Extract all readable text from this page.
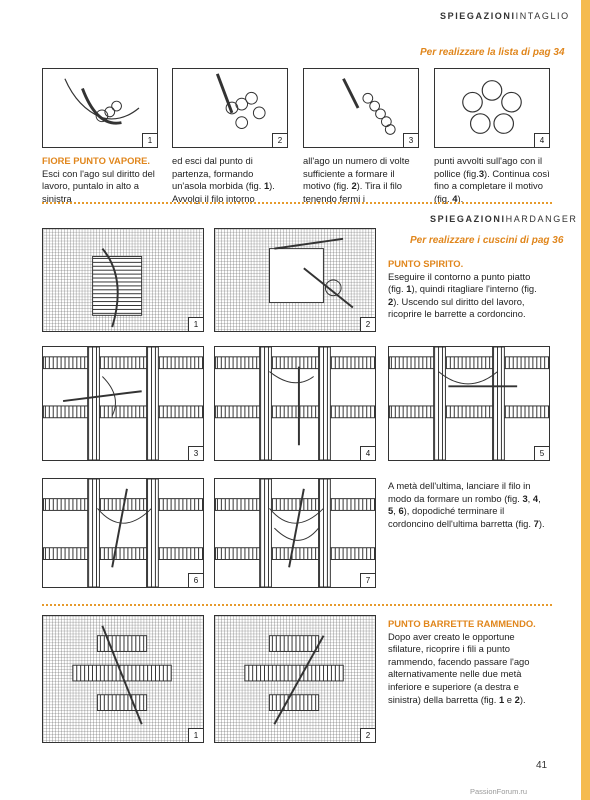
SPIEGAZIONIINTAGLIO
Per realizzare la lista di pag 34
1	2	3	4
FIORE PUNTO VAPORE. Esci con l'ago sul diritto del lavoro, puntalo in alto a sinistra
ed esci dal punto di partenza, formando un'asola morbida (fig. 1). Avvolgi il filo intorno
all'ago un numero di volte sufficiente a formare il motivo (fig. 2). Tira il filo tenendo fermi i
punti avvolti sull'ago con il pollice (fig.3). Continua così fino a completare il motivo (fig. 4).
SPIEGAZIONIHARDANGER
Per realizzare i cuscini di pag 36
1	2
PUNTO SPIRITO.
Eseguire il contorno a punto piatto (fig. 1), quindi ritagliare l'interno (fig. 2). Uscendo sul diritto del lavoro, ricoprire le barrette a cordoncino.
3	4	5
6	7
A metà dell'ultima, lanciare il filo in modo da formare un rombo (fig. 3, 4, 5, 6), dopodiché terminare il cordoncino dell'ultima barretta (fig. 7).
1	2
PUNTO BARRETTE RAMMENDO.
Dopo aver creato le opportune sfilature, ricoprire i fili a punto rammendo, facendo passare l'ago alternativamente nelle due metà inferiore e superiore (a destra e sinistra) della barretta (fig. 1 e 2).
41
PassionForum.ru
